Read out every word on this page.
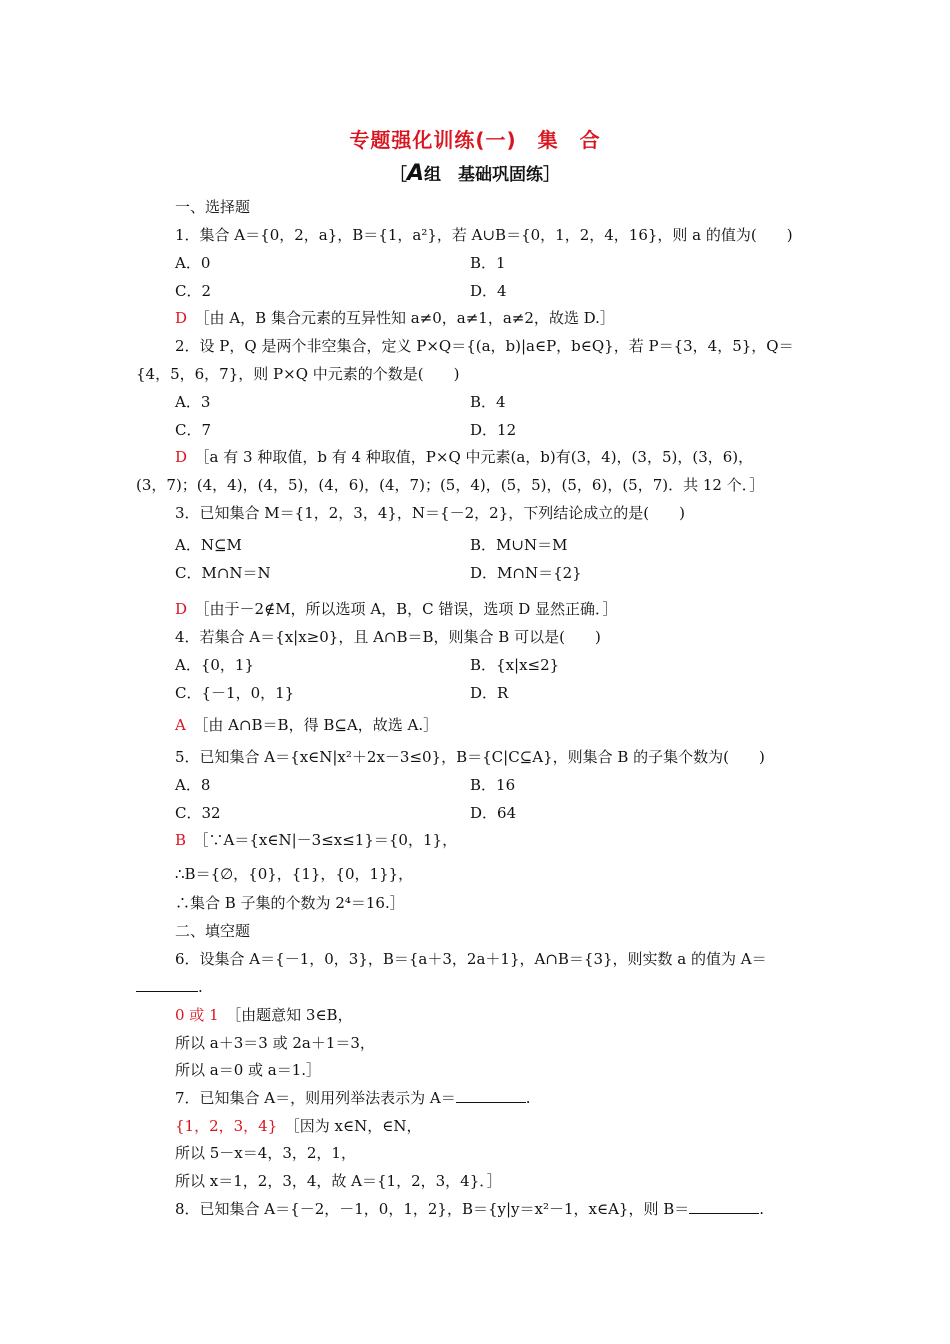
专题强化训练(一)　集　合
［A组　基础巩固练］
一、选择题
1．集合 A＝{0，2，a}，B＝{1，a²}，若 A∪B＝{0，1，2，4，16}，则 a 的值为(　　)
A．0	B．1
C．2	D．4
D　 ［由 A，B 集合元素的互异性知 a≠0，a≠1，a≠2，故选 D.］
2．设 P，Q 是两个非空集合，定义 P×Q＝{(a，b)|a∈P，b∈Q}，若 P＝{3，4，5}，Q＝
{4，5，6，7}，则 P×Q 中元素的个数是(　　)
A．3	B．4
C．7	D．12
D　 ［a 有 3 种取值，b 有 4 种取值，P×Q 中元素(a，b)有(3，4)，(3，5)，(3，6)，
(3，7)；(4，4)，(4，5)，(4，6)，(4，7)；(5，4)，(5，5)，(5，6)，(5，7)．共 12 个．］
3．已知集合 M＝{1，2，3，4}，N＝{－2，2}，下列结论成立的是(　　)
A．N⊆M	B．M∪N＝M
C．M∩N＝N	D．M∩N＝{2}
D　 ［由于－2∉M，所以选项 A，B，C 错误，选项 D 显然正确．］
4．若集合 A＝{x|x≥0}，且 A∩B＝B，则集合 B 可以是(　　)
A．{0，1}	B．{x|x≤2}
C．{－1，0，1}	D．R
A　 ［由 A∩B＝B，得 B⊆A，故选 A.］
5．已知集合 A＝{x∈N|x²＋2x－3≤0}，B＝{C|C⊆A}，则集合 B 的子集个数为(　　)
A．8	B．16
C．32	D．64
B　 ［∵A＝{x∈N|－3≤x≤1}＝{0，1}，
∴B＝{∅，{0}，{1}，{0，1}}，
∴集合 B 子集的个数为 2⁴＝16.］
二、填空题
6．设集合 A＝{－1，0，3}，B＝{a＋3，2a＋1}，A∩B＝{3}，则实数 a 的值为 A＝
.
0 或 1　 ［由题意知 3∈B，
所以 a＋3＝3 或 2a＋1＝3，
所以 a＝0 或 a＝1.］
7．已知集合 A＝，则用列举法表示为 A＝	.
{1，2，3，4}　 ［因为 x∈N，∈N，
所以 5－x＝4，3，2，1，
所以 x＝1，2，3，4，故 A＝{1，2，3，4}．］
8．已知集合 A＝{－2，－1，0，1，2}，B＝{y|y＝x²－1，x∈A}，则 B＝	.
